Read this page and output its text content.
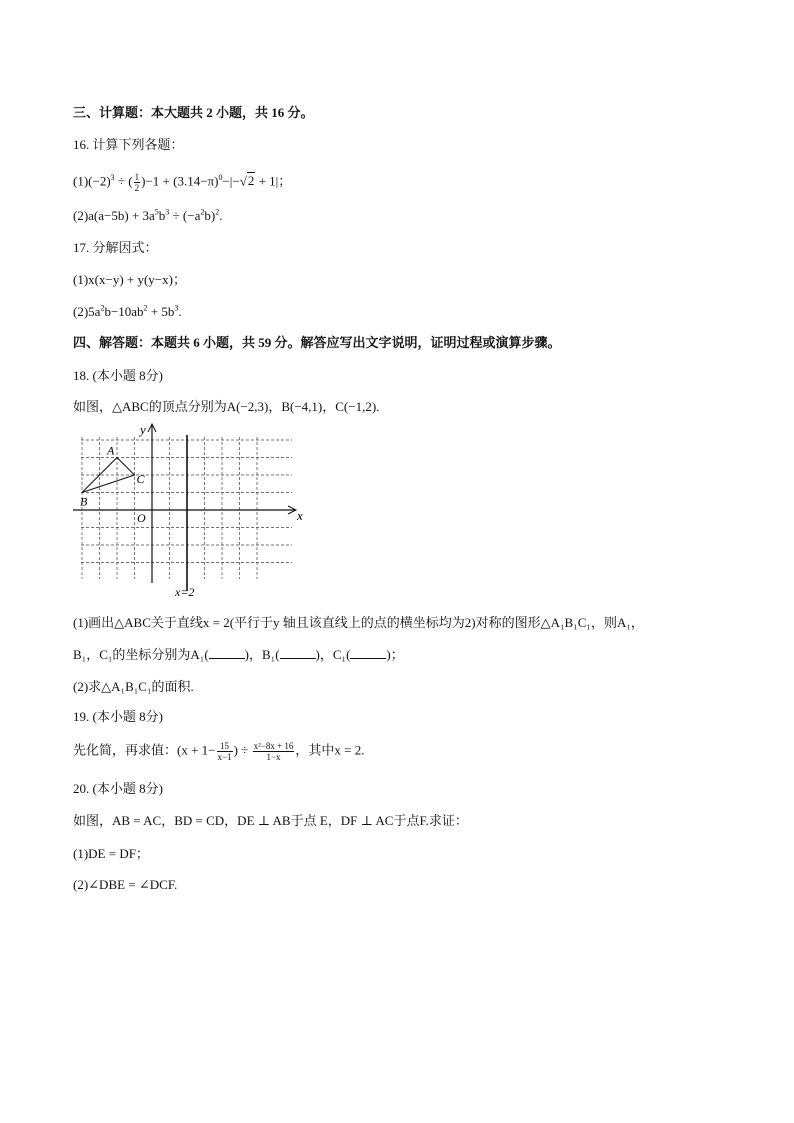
三、计算题：本大题共 2 小题，共 16 分。
16. 计算下列各题：
$(1)(-2)^3$ ÷ ( $\frac{1}{2} )-1 + (3.14-\pi)^0-|-√2 + 1|$；
$(2)a(a-5b) + 3a^5b^3 \div (-a^2b)^2$.
17. 分解因式：
(1)x(x−y) + y(y−x)；
$(2)5a^2b-10ab^2 + 5b^3$.
四、解答题：本题共 6 小题，共 59 分。解答应写出文字说明，证明过程或演算步骤。
18. (本小题 8分)
如图，△ABC的顶点分别为A(−2,3)，B(−4,1)，C(−1,2).
x
y
O
A
B
C
x=2
(1)画出△ABC关于直线x = 2(平行于y 轴且该直线上的点的横坐标均为2)对称的图形△A₁B₁C₁，则A₁，
B₁，C₁的坐标分别为A₁(	)，B₁(	)，C₁(	)；
(2)求△A₁B₁C₁的面积.
19. (本小题 8分)
先化简，再求值：($x + 1- \frac{15}{x-1}$ ) ÷ $\frac{\text{x²−8x + 16}}{1-x}$ ，其中x = 2.
20. (本小题 8分)
如图，AB = AC，BD = CD，DE ⊥ AB于点 E，DF ⊥ AC于点F.求证：
(1)DE = DF；
(2)∠DBE = ∠DCF.
